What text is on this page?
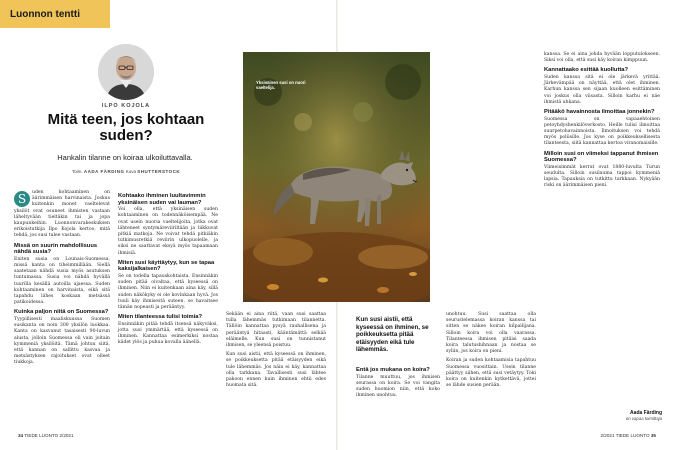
Luonnon tentti
ILPO KOJOLA
Mitä teen, jos kohtaan suden?
Hankalin tilanne on koiraa ulkoiluttavalla.
Toim. AADA FÄRDING Kuva SHUTTERSTOCK

S	uden kohtaaminen on äärimmäisen harvinaista. Joskus kuitenkin monet vaeltelevat yksilöt ovat osuneet ihmisten vastaan läheltyvään tieltäkin tai ja jopa kaupunkeihin. Luonnonvarakeskuksen erikoistutkija Ilpo Kojola kertoo, mitä tehdä, jos susi tulee vastaan.

Missä on suurin mahdollisuus nähdä susia?

Eniten susia on Lounais-Suomessa, missä kanta on tiheimmillään. Siellä saatetaan nähdä susia myös asutuksen tuntumassa. Susia voi nähdä hyvällä tuurilla kesällä autoilla ajaessa. Suden kohtaaminen on harvinaista, eikä sitä tapahdu lähes koskaan metsässä patikoidessa.

Kuinka paljon niitä on Suomessa?

Tyypillisesti maaliskuussa Suomen susikanta on noin 300 yksilön luokkaa. Kanta on kasvanut tasaisesti 90-luvun alusta, jolloin Suomessa oli vain joitain kymmeniä yksilöitä. Tämä johtuu siitä, että kannan on sallittu kasvaa ja metsästyksen rajoitukset ovat olleet tiukkoja.

Kohtaako ihminen luultavimmin yksinäisen suden vai lauman?

Voi olla, että yksinäisen suden kohtaaminen on todennäköisempää. Ne ovat usein nuoria vaeltelijoita, jotka ovat lähteneet syntymäreviiriltään ja liikkuvat pitkiä matkoja. Ne voivat tehdä pitkiäkin tutkimusretkiä reviirin ulkopuolelle, ja siksi ne saattavat eksyä myös tapaamaan ihmisiä.

Miten susi käyttäytyy, kun se tapaa kaksijalkaisen?

Se on todella tapauskohtaista. Ensinnäkin suden pitää oivaltaa, että kyseessä on ihminen. Niin ei kuitenkaan aina käy, sillä suden näkökyky ei ole kovinkaan hyvä. Jos tuuli käy ihmisestä suteen, se havaitsee tämän nopeasti ja perääntyy.

Miten tilanteessa tulisi toimia?

Ensinnäkin pitää tehdä itsensä näkyväksi, jotta susi ymmärtää, että kyseessä on ihminen. Kannattaa esimerkiksi nostaa kädet ylös ja puhua kovalla äänellä.

Sekään ei aina riitä, vaan susi saattaa tulla lähemmäs tutkimaan tilannetta. Tällöin kannattaa pysyä rauhallisena ja perääntyä hitaasti, kääntämättä selkää eläimelle. Kun susi on tunnistanut ihmisen, se yleensä poistuu.

Kun susi aistii, että kyseessä on ihminen, se poikkeuksetta pitää etäisyyden eikä tule lähemmäs. Jos näin ei käy, kannattaa olla tarkkana. Tavallisesti susi lähtee pakoon ennen kuin ihminen ehtii edes huomata sitä.

Yksinäinen susi on nuori vaeltelija.
Kun susi aistii, että kyseessä on ihminen, se poikkeuksetta pitää etäisyyden eikä tule lähemmäs.
Entä jos mukana on koira?

Tilanne muuttuu, jos ihmisen seurassa on koira. Se voi vangita suden huomion niin, että koko ihminen unohtuu.

unohtuu. Susi saattaa olla seurustelemassa koiran kanssa tai sitten se näkee koiran kilpailijana. Silloin koira voi olla vaarassa. Tilanteessa ihmisen pitäisi saada koira talutushihnaan ja nostaa se syliin, jos koira on pieni.

Koiran ja suden kohtaamisia tapahtuu Suomessa vuosittain. Usein tilanne päättyy siihen, että susi vetäytyy. Toki koira on kuitenkin kytkettävä, jottei se lähde susien perään.

kanssa. Se ei aina johda hyvään lopputulokseen. Siksi voi olla, että susi käy koiran kimppuun.

Kannattaako esittää kuollutta?

Suden kanssa sitä ei ole järkevä yrittää. Järkevämpää on näyttää, että olet ihminen. Karhun kanssa sen sijaan kuolleen esittäminen voi joskus olla viisasta. Silloin karhu ei näe ihmistä uhkana.

Pitääkö havainnosta ilmoittaa jonnekin?

Suomessa on vapaaehtoinen petoyhdyshenkilöverkosto. Heille tulisi ilmoittaa suurpetohavainnoista. Ilmoituksen voi tehdä myös poliisille. Jos kyse on poikkeuksellisesta tilanteesta, siitä kannattaa kertoa viranomaisille.

Milloin susi on viimeksi tappanut ihmisen Suomessa?

Viimeisimmät kerrat ovat 1880-luvulta Turun seudulta. Silloin susilauma tappoi kymmeniä lapsia. Tapauksia on tutkittu tarkkaan. Nykyään riski on äärimmäisen pieni.

Aada Färding
on vapaa toimittaja
34 TIEDE LUONTO 2/2021	2/2021 TIEDE LUONTO 35
